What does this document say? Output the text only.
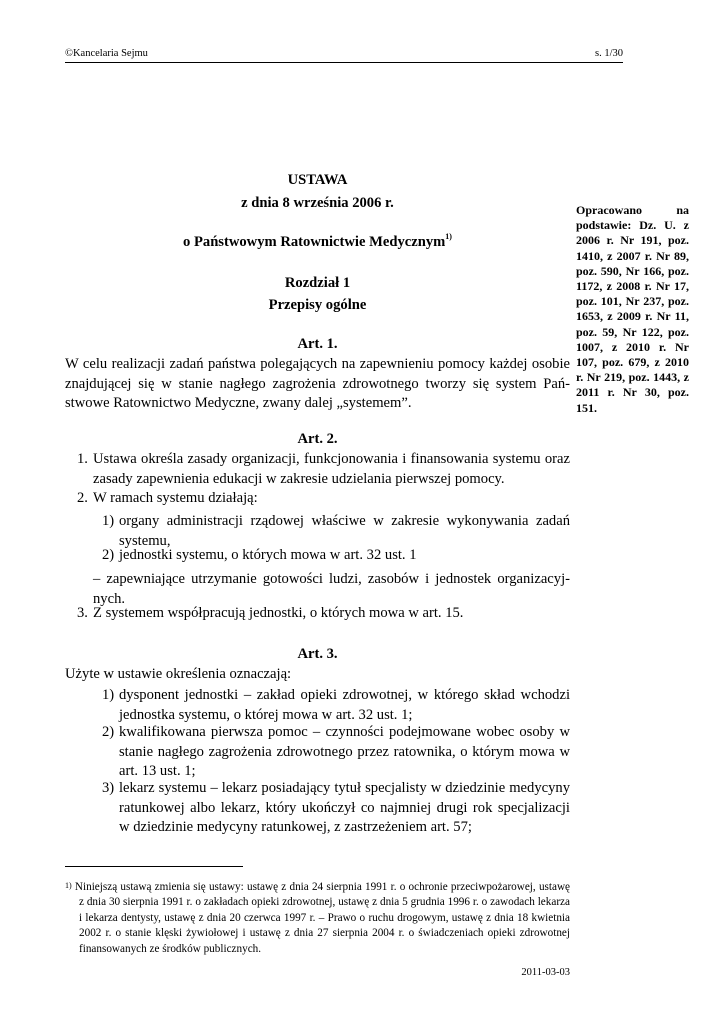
©Kancelaria Sejmu	s. 1/30
USTAWA
z dnia 8 września 2006 r.
o Państwowym Ratownictwie Medycznym$^{1)}$
Rozdział 1
Przepisy ogólne
Opracowano na podstawie: Dz. U. z 2006 r. Nr 191, poz. 1410, z 2007 r. Nr 89, poz. 590, Nr 166, poz. 1172, z 2008 r. Nr 17, poz. 101, Nr 237, poz. 1653, z 2009 r. Nr 11, poz. 59, Nr 122, poz. 1007, z 2010 r. Nr 107, poz. 679, z 2010 r. Nr 219, poz. 1443, z 2011 r. Nr 30, poz. 151.
Art. 1.
W celu realizacji zadań państwa polegających na zapewnieniu pomocy każdej osobie
znajdującej się w stanie nagłego zagrożenia zdrowotnego tworzy się system Pań-
stwowe Ratownictwo Medyczne, zwany dalej „systemem”.
Art. 2.
1. Ustawa określa zasady organizacji, funkcjonowania i finansowania systemu oraz
zasady zapewnienia edukacji w zakresie udzielania pierwszej pomocy.
2. W ramach systemu działają:
1) organy administracji rządowej właściwe w zakresie wykonywania zadań
systemu,
2) jednostki systemu, o których mowa w art. 32 ust. 1
– zapewniające utrzymanie gotowości ludzi, zasobów i jednostek organizacyj-
nych.
3. Z systemem współpracują jednostki, o których mowa w art. 15.
Art. 3.
Użyte w ustawie określenia oznaczają:
1) dysponent jednostki – zakład opieki zdrowotnej, w którego skład wchodzi
jednostka systemu, o której mowa w art. 32 ust. 1;
2) kwalifikowana pierwsza pomoc – czynności podejmowane wobec osoby w
stanie nagłego zagrożenia zdrowotnego przez ratownika, o którym mowa w
art. 13 ust. 1;
3) lekarz systemu – lekarz posiadający tytuł specjalisty w dziedzinie medycyny
ratunkowej albo lekarz, który ukończył co najmniej drugi rok specjalizacji
w dziedzinie medycyny ratunkowej, z zastrzeżeniem art. 57;
$^{1)}$ Niniejszą ustawą zmienia się ustawy: ustawę z dnia 24 sierpnia 1991 r. o ochronie przeciwpożarowej, ustawę z dnia 30 sierpnia 1991 r. o zakładach opieki zdrowotnej, ustawę z dnia 5 grudnia 1996 r. o zawodach lekarza i lekarza dentysty, ustawę z dnia 20 czerwca 1997 r. – Prawo o ruchu drogowym, ustawę z dnia 18 kwietnia 2002 r. o stanie klęski żywiołowej i ustawę z dnia 27 sierpnia 2004 r. o świadczeniach opieki zdrowotnej finansowanych ze środków publicznych.
2011-03-03
